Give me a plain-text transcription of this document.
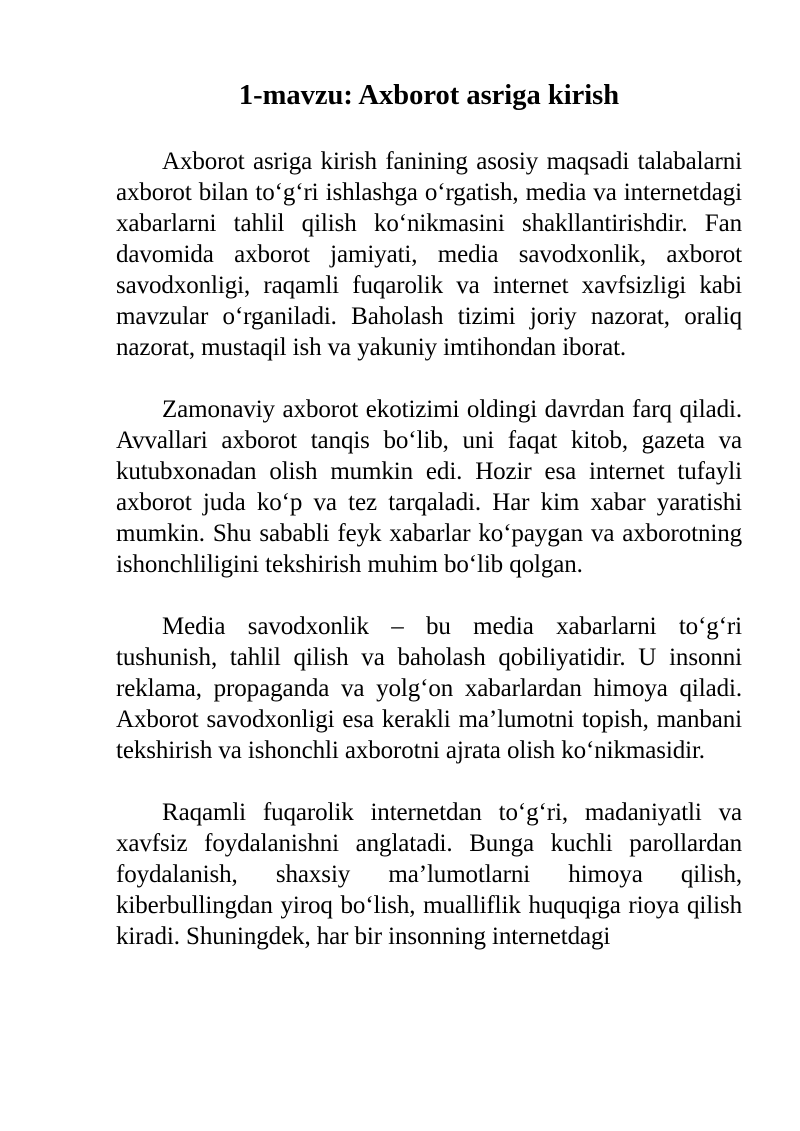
1-mavzu: Axborot asriga kirish

Axborot asriga kirish fanining asosiy maqsadi talabalarni axborot bilan to‘g‘ri ishlashga o‘rgatish, media va internetdagi xabarlarni tahlil qilish ko‘nikmasini shakllantirishdir. Fan davomida axborot jamiyati, media savodxonlik, axborot savodxonligi, raqamli fuqarolik va internet xavfsizligi kabi mavzular o‘rganiladi. Baholash tizimi joriy nazorat, oraliq nazorat, mustaqil ish va yakuniy imtihondan iborat.

Zamonaviy axborot ekotizimi oldingi davrdan farq qiladi. Avvallari axborot tanqis bo‘lib, uni faqat kitob, gazeta va kutubxonadan olish mumkin edi. Hozir esa internet tufayli axborot juda ko‘p va tez tarqaladi. Har kim xabar yaratishi mumkin. Shu sababli feyk xabarlar ko‘paygan va axborotning ishonchliligini tekshirish muhim bo‘lib qolgan.

Media savodxonlik – bu media xabarlarni to‘g‘ri tushunish, tahlil qilish va baholash qobiliyatidir. U insonni reklama, propaganda va yolg‘on xabarlardan himoya qiladi. Axborot savodxonligi esa kerakli ma’lumotni topish, manbani tekshirish va ishonchli axborotni ajrata olish ko‘nikmasidir.

Raqamli fuqarolik internetdan to‘g‘ri, madaniyatli va xavfsiz foydalanishni anglatadi. Bunga kuchli parollardan foydalanish, shaxsiy ma’lumotlarni himoya qilish, kiberbullingdan yiroq bo‘lish, mualliflik huquqiga rioya qilish kiradi. Shuningdek, har bir insonning internetdagi
